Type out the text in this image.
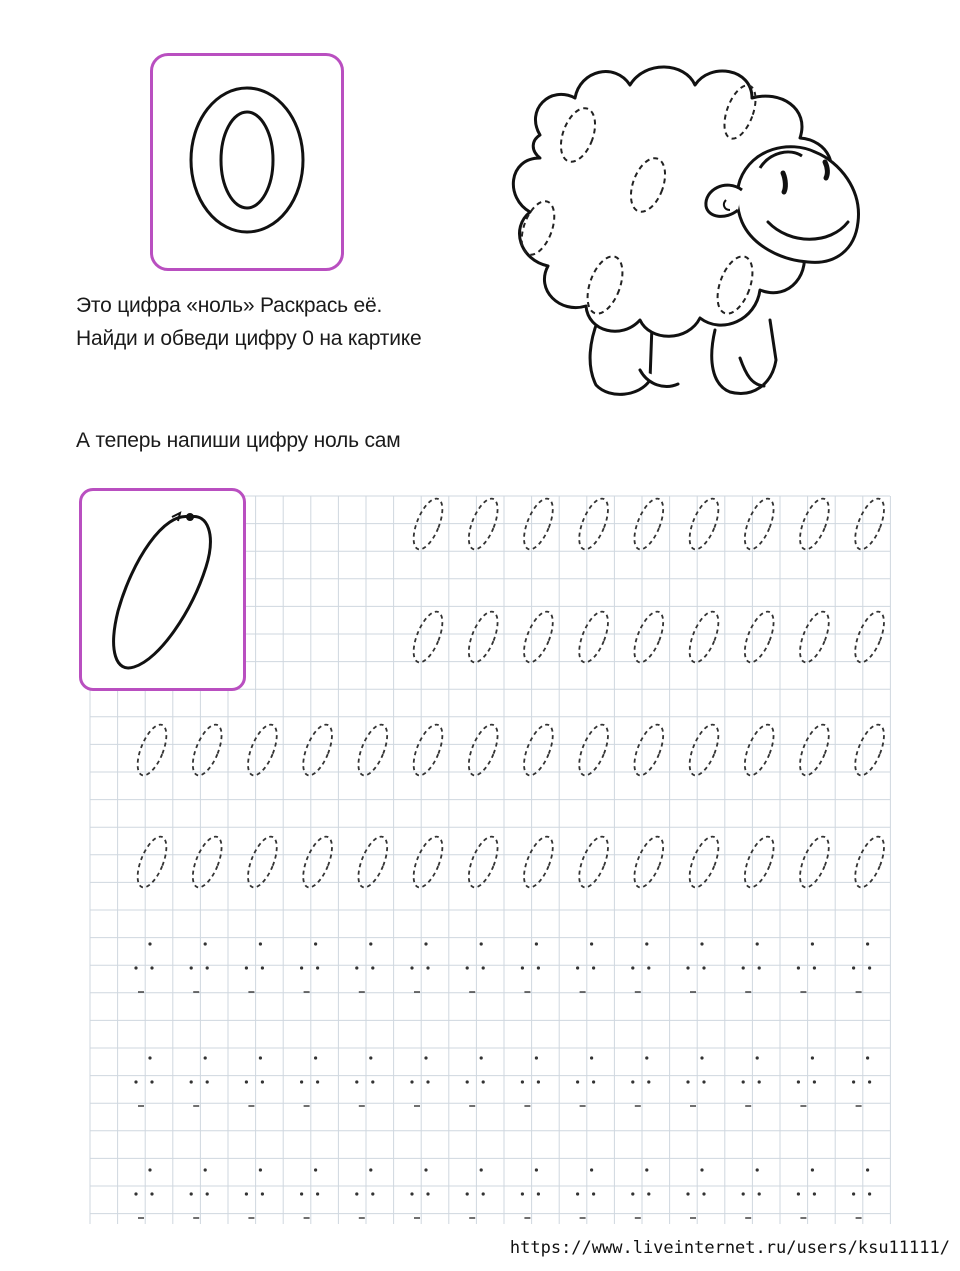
Это цифра «ноль» Раскрась её.
Найди и обведи цифру 0 на картике
А теперь напиши цифру ноль сам
https://www.liveinternet.ru/users/ksu11111/
